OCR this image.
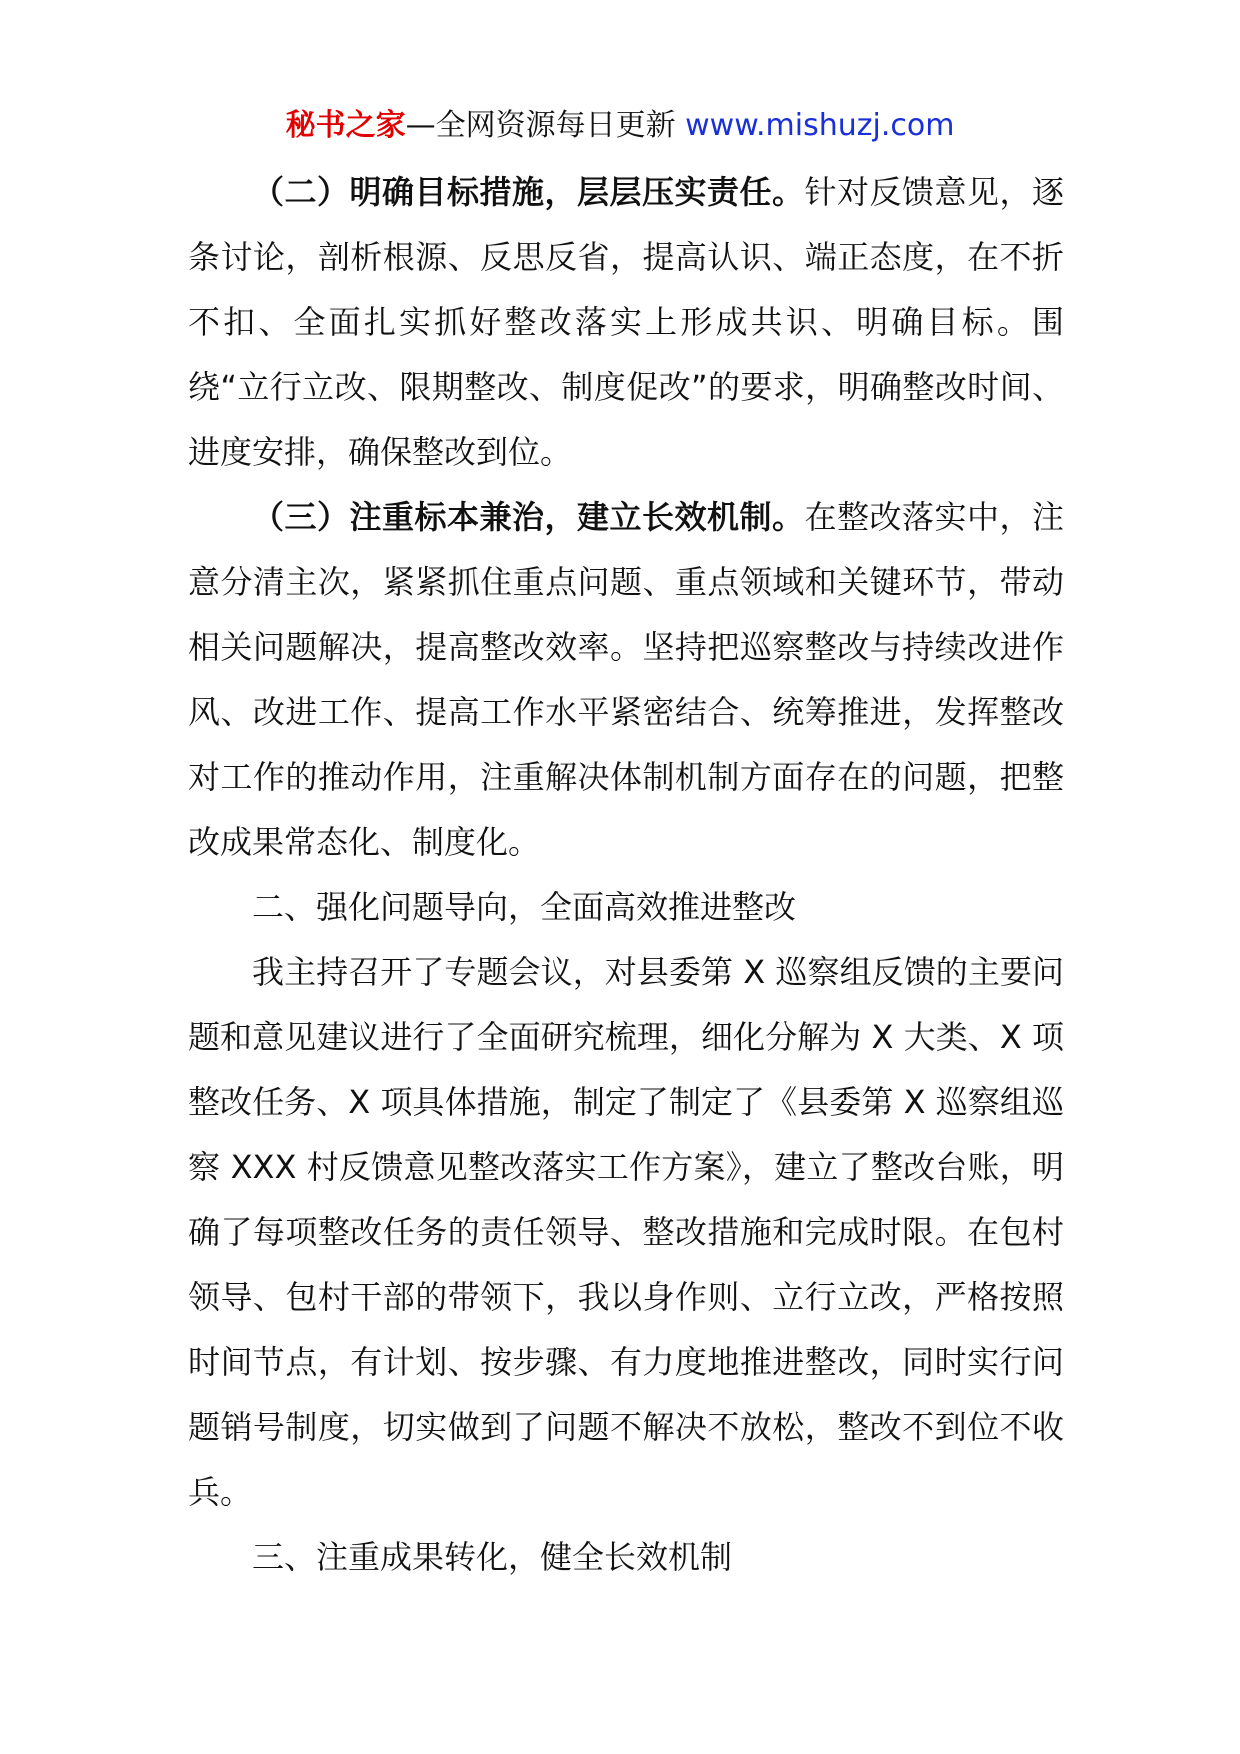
秘书之家—全网资源每日更新 www.mishuzj.com

（二）明确目标措施，层层压实责任。针对反馈意见，逐条讨论，剖析根源、反思反省，提高认识、端正态度，在不折不扣、全面扎实抓好整改落实上形成共识、明确目标。围绕“立行立改、限期整改、制度促改”的要求，明确整改时间、进度安排，确保整改到位。

（三）注重标本兼治，建立长效机制。在整改落实中，注意分清主次，紧紧抓住重点问题、重点领域和关键环节，带动相关问题解决，提高整改效率。坚持把巡察整改与持续改进作风、改进工作、提高工作水平紧密结合、统筹推进，发挥整改对工作的推动作用，注重解决体制机制方面存在的问题，把整改成果常态化、制度化。

二、强化问题导向，全面高效推进整改

我主持召开了专题会议，对县委第 X 巡察组反馈的主要问题和意见建议进行了全面研究梳理，细化分解为 X 大类、X 项整改任务、X 项具体措施，制定了制定了《县委第 X 巡察组巡察 XXX 村反馈意见整改落实工作方案》，建立了整改台账，明确了每项整改任务的责任领导、整改措施和完成时限。在包村领导、包村干部的带领下，我以身作则、立行立改，严格按照时间节点，有计划、按步骤、有力度地推进整改，同时实行问题销号制度，切实做到了问题不解决不放松，整改不到位不收兵。

三、注重成果转化，健全长效机制
